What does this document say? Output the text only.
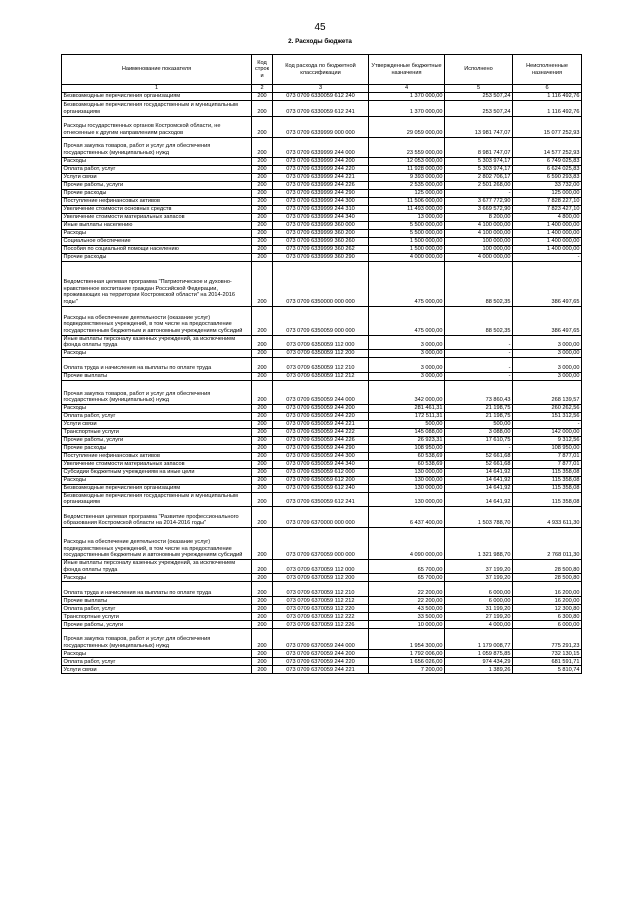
45
2. Расходы бюджета
Наименование показателя	Код строк и	Код расхода по бюджетной классификации	Утвержденные бюджетные назначения	Исполнено	Неисполненные назначения
1	2	3	4	5	6
Безвозмездные перечисления организациям	200	073 0709 6330059 612 240	1 370 000,00	253 507,24	1 116 492,76
Безвозмездные перечисления государственным и муниципальным организациям	200	073 0709 6330059 612 241	1 370 000,00	253 507,24	1 116 492,76
Расходы государственных органов Костромской области, не отнесенные к другим направлениям расходов	200	073 0709 6339999 000 000	29 059 000,00	13 981 747,07	15 077 252,93
Прочая закупка товаров, работ и услуг для обеспечения государственных (муниципальных) нужд	200	073 0709 6339999 244 000	23 559 000,00	8 981 747,07	14 577 252,93
Расходы	200	073 0709 6339999 244 200	12 053 000,00	5 303 974,17	6 749 025,83
Оплата работ, услуг	200	073 0709 6339999 244 220	11 928 000,00	5 303 974,17	6 624 025,83
Услуги связи	200	073 0709 6339999 244 221	9 393 000,00	2 802 706,17	6 590 293,83
Прочие работы, услуги	200	073 0709 6339999 244 226	2 535 000,00	2 501 268,00	33 732,00
Прочие расходы	200	073 0709 6339999 244 290	125 000,00	-	125 000,00
Поступление нефинансовых активов	200	073 0709 6339999 244 300	11 506 000,00	3 677 772,90	7 828 227,10
Увеличение стоимости основных средств	200	073 0709 6339999 244 310	11 493 000,00	3 669 572,90	7 823 427,10
Увеличение стоимости материальных запасов	200	073 0709 6339999 244 340	13 000,00	8 200,00	4 800,00
Иные выплаты населению	200	073 0709 6339999 360 000	5 500 000,00	4 100 000,00	1 400 000,00
Расходы	200	073 0709 6339999 360 200	5 500 000,00	4 100 000,00	1 400 000,00
Социальное обеспечение	200	073 0709 6339999 360 260	1 500 000,00	100 000,00	1 400 000,00
Пособия по социальной помощи населению	200	073 0709 6339999 360 262	1 500 000,00	100 000,00	1 400 000,00
Прочие расходы	200	073 0709 6339999 360 290	4 000 000,00	4 000 000,00	-
Ведомственная целевая программа "Патриотическое и духовно-нравственное воспитание граждан Российской Федерации, проживающих на территории Костромской области" на 2014-2016 годы"	200	073 0709 6350000 000 000	475 000,00	88 502,35	386 497,65
Расходы на обеспечение деятельности (оказание услуг) подведомственных учреждений, в том числе на предоставление государственным бюджетным и автономным учреждениям субсидий	200	073 0709 6350059 000 000	475 000,00	88 502,35	386 497,65
Иные выплаты персоналу казенных учреждений, за исключением фонда оплаты труда	200	073 0709 6350059 112 000	3 000,00	-	3 000,00
Расходы	200	073 0709 6350059 112 200	3 000,00	-	3 000,00
Оплата труда и начисления на выплаты по оплате труда	200	073 0709 6350059 112 210	3 000,00	-	3 000,00
Прочие выплаты	200	073 0709 6350059 112 212	3 000,00	-	3 000,00
Прочая закупка товаров, работ и услуг для обеспечения государственных (муниципальных) нужд	200	073 0709 6350059 244 000	342 000,00	73 860,43	268 139,57
Расходы	200	073 0709 6350059 244 200	281 461,31	21 198,75	260 262,56
Оплата работ, услуг	200	073 0709 6350059 244 220	172 511,31	21 198,75	151 312,56
Услуги связи	200	073 0709 6350059 244 221	500,00	500,00	-
Транспортные услуги	200	073 0709 6350059 244 222	145 088,00	3 088,00	142 000,00
Прочие работы, услуги	200	073 0709 6350059 244 226	26 923,31	17 610,75	9 312,56
Прочие расходы	200	073 0709 6350059 244 290	108 950,00	-	108 950,00
Поступление нефинансовых активов	200	073 0709 6350059 244 300	60 538,69	52 661,68	7 877,01
Увеличение стоимости материальных запасов	200	073 0709 6350059 244 340	60 538,69	52 661,68	7 877,01
Субсидии бюджетным учреждениям на иные цели	200	073 0709 6350059 612 000	130 000,00	14 641,92	115 358,08
Расходы	200	073 0709 6350059 612 200	130 000,00	14 641,92	115 358,08
Безвозмездные перечисления организациям	200	073 0709 6350059 612 240	130 000,00	14 641,92	115 358,08
Безвозмездные перечисления государственным и муниципальным организациям	200	073 0709 6350059 612 241	130 000,00	14 641,92	115 358,08
Ведомственная целевая программа "Развитие профессионального образования Костромской области на 2014-2016 годы"	200	073 0709 6370000 000 000	6 437 400,00	1 503 788,70	4 933 611,30
Расходы на обеспечение деятельности (оказание услуг) подведомственных учреждений, в том числе на предоставление государственным бюджетным и автономным учреждениям субсидий	200	073 0709 6370059 000 000	4 090 000,00	1 321 988,70	2 768 011,30
Иные выплаты персоналу казенных учреждений, за исключением фонда оплаты труда	200	073 0709 6370059 112 000	65 700,00	37 199,20	28 500,80
Расходы	200	073 0709 6370059 112 200	65 700,00	37 199,20	28 500,80
Оплата труда и начисления на выплаты по оплате труда	200	073 0709 6370059 112 210	22 200,00	6 000,00	16 200,00
Прочие выплаты	200	073 0709 6370059 112 212	22 200,00	6 000,00	16 200,00
Оплата работ, услуг	200	073 0709 6370059 112 220	43 500,00	31 199,20	12 300,80
Транспортные услуги	200	073 0709 6370059 112 222	33 500,00	27 199,20	6 300,80
Прочие работы, услуги	200	073 0709 6370059 112 226	10 000,00	4 000,00	6 000,00
Прочая закупка товаров, работ и услуг для обеспечения государственных (муниципальных) нужд	200	073 0709 6370059 244 000	1 954 300,00	1 179 008,77	775 291,23
Расходы	200	073 0709 6370059 244 200	1 792 006,00	1 059 875,85	732 130,15
Оплата работ, услуг	200	073 0709 6370059 244 220	1 656 026,00	974 434,29	681 591,71
Услуги связи	200	073 0709 6370059 244 221	7 200,00	1 389,26	5 810,74
